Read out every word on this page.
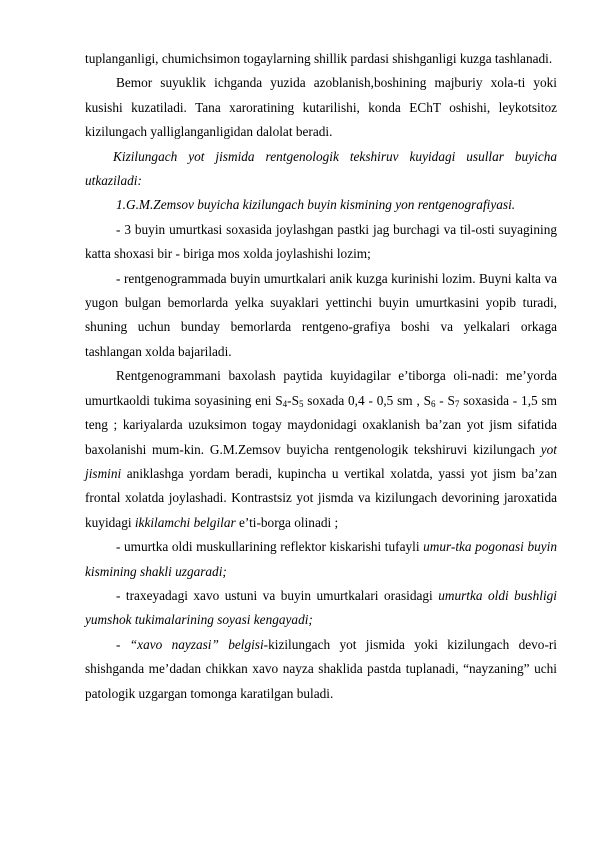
tuplanganligi, chumichsimon togaylarning shillik pardasi shishganligi kuzga tashlanadi.

Bemor suyuklik ichganda yuzida azoblanish,boshining majburiy xola-ti yoki kusishi kuzatiladi. Tana xaroratining kutarilishi, konda EChT oshishi, leykotsitoz kizilungach yalliglanganligidan dalolat beradi.

Kizilungach yot jismida rentgenologik tekshiruv kuyidagi usullar buyicha utkaziladi:

1.G.M.Zemsov buyicha kizilungach buyin kismining yon rentgenografiyasi.

- 3 buyin umurtkasi soxasida joylashgan pastki jag burchagi va til-osti suyagining katta shoxasi bir - biriga mos xolda joylashishi lozim;

- rentgenogrammada buyin umurtkalari anik kuzga kurinishi lozim. Buyni kalta va yugon bulgan bemorlarda yelka suyaklari yettinchi buyin umurtkasini yopib turadi, shuning uchun bunday bemorlarda rentgeno-grafiya boshi va yelkalari orkaga tashlangan xolda bajariladi.

Rentgenogrammani baxolash paytida kuyidagilar e’tiborga oli-nadi: me’yorda umurtkaoldi tukima soyasining eni $S_4-S_5$ soxada 0,4 - 0,5 sm , $S_6 - S_7$ soxasida - 1,5 sm teng ; kariyalarda uzuksimon togay maydonidagi oxaklanish ba’zan yot jism sifatida baxolanishi mum-kin. G.M.Zemsov buyicha rentgenologik tekshiruvi kizilungach yot jismini aniklashga yordam beradi, kupincha u vertikal xolatda, yassi yot jism ba’zan frontal xolatda joylashadi. Kontrastsiz yot jismda va kizilungach devorining jaroxatida kuyidagi ikkilamchi belgilar e’ti-borga olinadi ;

- umurtka oldi muskullarining reflektor kiskarishi tufayli umur-tka pogonasi buyin kismining shakli uzgaradi;

- traxeyadagi xavo ustuni va buyin umurtkalari orasidagi umurtka oldi bushligi yumshok tukimalarining soyasi kengayadi;

- “xavo nayzasi” belgisi-kizilungach yot jismida yoki kizilungach devo-ri shishganda me’dadan chikkan xavo nayza shaklida pastda tuplanadi, “nayzaning” uchi patologik uzgargan tomonga karatilgan buladi.
